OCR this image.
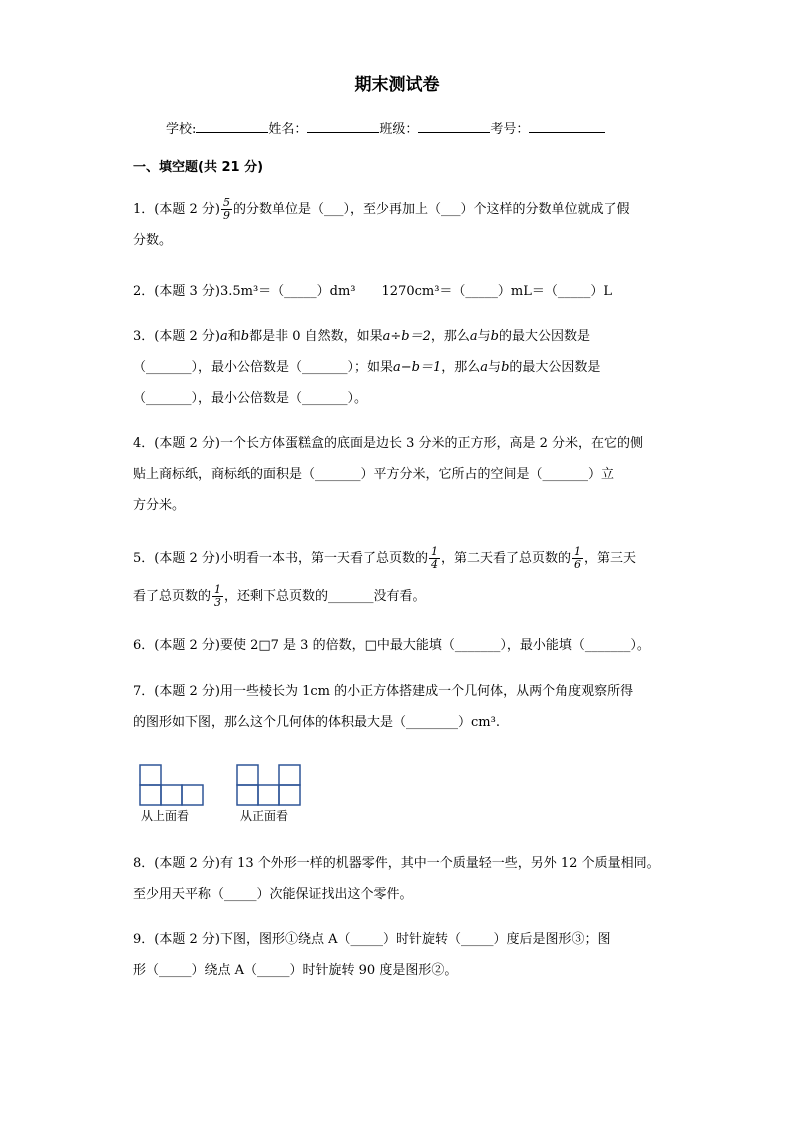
期末测试卷
学校:	姓名：	班级：	考号：
一、填空题(共 21 分)
1．(本题 2 分) $\frac{5}{9}$ 的分数单位是（___），至少再加上（___）个这样的分数单位就成了假
分数。
2．(本题 3 分)3.5m³＝（_____）dm³　　1270cm³＝（_____）mL＝（_____）L
3．(本题 2 分)a和b都是非 0 自然数，如果a÷b＝2，那么a与b的最大公因数是
（_______），最小公倍数是（_______）；如果a−b＝1，那么a与b的最大公因数是
（_______），最小公倍数是（_______）。
4．(本题 2 分)一个长方体蛋糕盒的底面是边长 3 分米的正方形，高是 2 分米，在它的侧
贴上商标纸，商标纸的面积是（_______）平方分米，它所占的空间是（_______）立
方分米。
5．(本题 2 分)小明看一本书，第一天看了总页数的 $\frac{1}{4}$ ，第二天看了总页数的 $\frac{1}{6}$ ，第三天
看了总页数的 $\frac{1}{3}$ ，还剩下总页数的_______没有看。
6．(本题 2 分)要使 2□7 是 3 的倍数，□中最大能填（_______），最小能填（_______）。
7．(本题 2 分)用一些棱长为 1cm 的小正方体搭建成一个几何体，从两个角度观察所得
的图形如下图，那么这个几何体的体积最大是（________）cm³.
从上面看	从正面看
8．(本题 2 分)有 13 个外形一样的机器零件，其中一个质量轻一些，另外 12 个质量相同。
至少用天平称（_____）次能保证找出这个零件。
9．(本题 2 分)下图，图形①绕点 A（_____）时针旋转（_____）度后是图形③；图
形（_____）绕点 A（_____）时针旋转 90 度是图形②。
